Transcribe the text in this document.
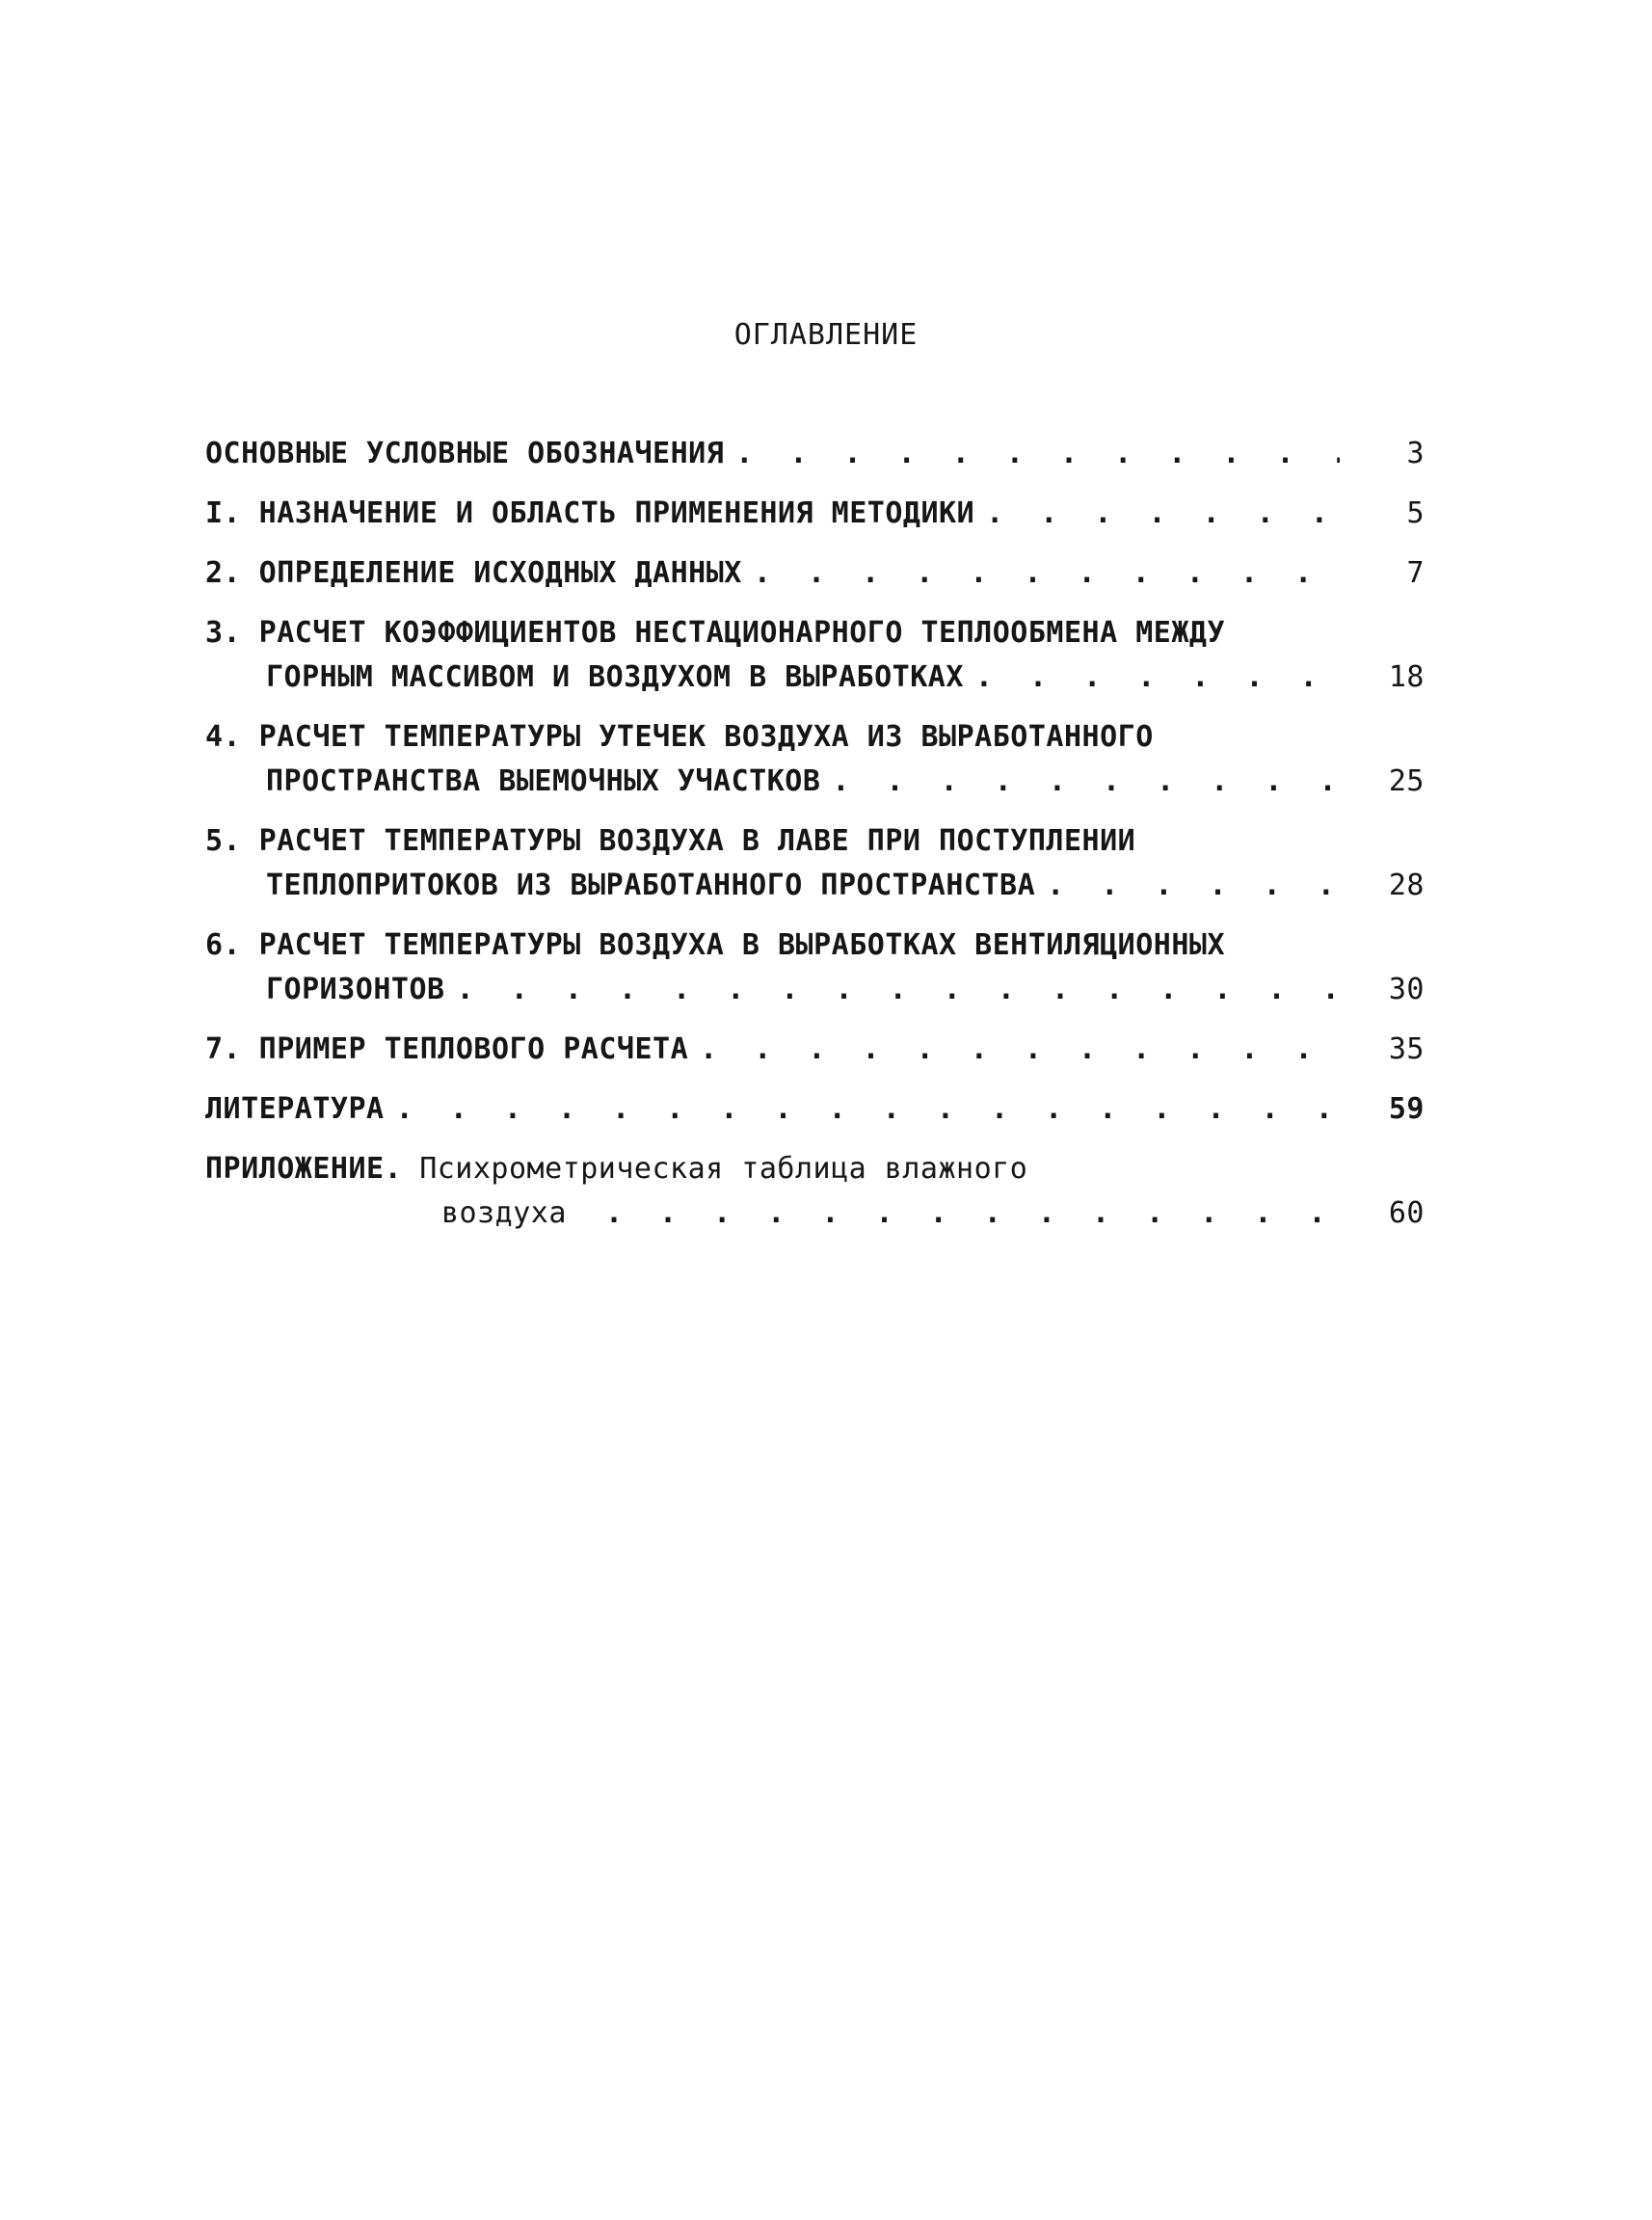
ОГЛАВЛЕНИЕ
ОСНОВНЫЕ УСЛОВНЫЕ ОБОЗНАЧЕНИЯ . . .	3
I. НАЗНАЧЕНИЕ И ОБЛАСТЬ ПРИМЕНЕНИЯ МЕТОДИКИ . . .	5
2. ОПРЕДЕЛЕНИЕ ИСХОДНЫХ ДАННЫХ . . .	7
3. РАСЧЕТ КОЭФФИЦИЕНТОВ НЕСТАЦИОНАРНОГО ТЕПЛООБМЕНА МЕЖДУ
ГОРНЫМ МАССИВОМ И ВОЗДУХОМ В ВЫРАБОТКАХ . . .	18
4. РАСЧЕТ ТЕМПЕРАТУРЫ УТЕЧЕК ВОЗДУХА ИЗ ВЫРАБОТАННОГО
ПРОСТРАНСТВА ВЫЕМОЧНЫХ УЧАСТКОВ . . .	25
5. РАСЧЕТ ТЕМПЕРАТУРЫ ВОЗДУХА В ЛАВЕ ПРИ ПОСТУПЛЕНИИ
ТЕПЛОПРИТОКОВ ИЗ ВЫРАБОТАННОГО ПРОСТРАНСТВА . . .	28
6. РАСЧЕТ ТЕМПЕРАТУРЫ ВОЗДУХА В ВЫРАБОТКАХ ВЕНТИЛЯЦИОННЫХ
ГОРИЗОНТОВ . . .	30
7. ПРИМЕР ТЕПЛОВОГО РАСЧЕТА . . .	35
ЛИТЕРАТУРА . . .	59
ПРИЛОЖЕНИЕ. Психрометрическая таблица влажного
воздуха . . .	60
